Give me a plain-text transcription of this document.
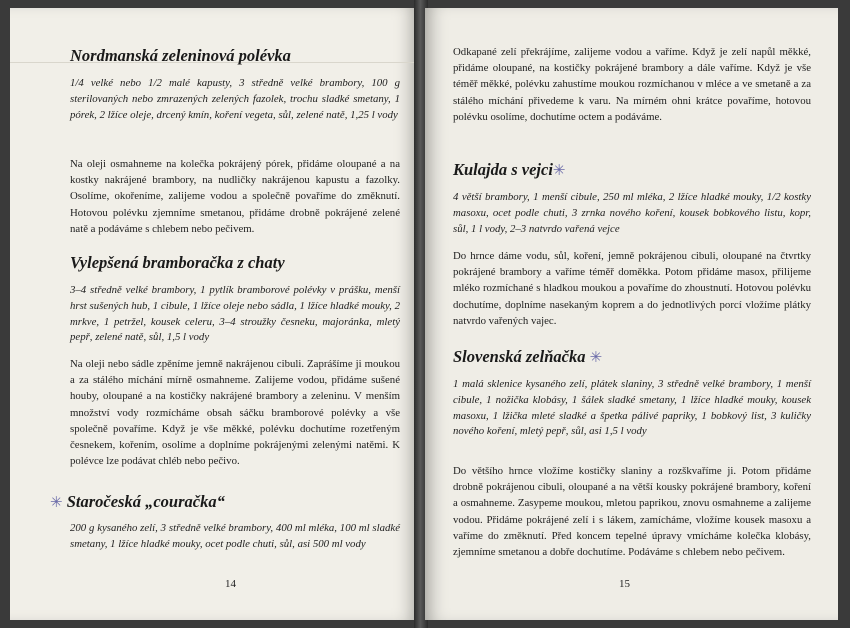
Nordmanská zeleninová polévka
1/4 velké nebo 1/2 malé kapusty, 3 středně velké brambory, 100 g sterilovaných nebo zmrazených zelených fazolek, trochu sladké smetany, 1 pórek, 2 lžíce oleje, drcený kmín, koření vegeta, sůl, zelené natě, 1,25 l vody
Na oleji osmahneme na kolečka pokrájený pórek, přidáme oloupané a na kostky nakrájené brambory, na nudličky nakrájenou kapustu a fazolky. Osolíme, okořeníme, zalijeme vodou a společně povaříme do změknutí. Hotovou polévku zjemníme smetanou, přidáme drobně pokrájené zelené natě a podáváme s chlebem nebo pečivem.
Vylepšená bramboračka z chaty
3–4 středně velké brambory, 1 pytlík bramborové polévky v prášku, menší hrst sušených hub, 1 cibule, 1 lžíce oleje nebo sádla, 1 lžíce hladké mouky, 2 mrkve, 1 petržel, kousek celeru, 3–4 stroužky česneku, majoránka, mletý pepř, zelené natě, sůl, 1,5 l vody
Na oleji nebo sádle zpěníme jemně nakrájenou cibuli. Zaprášíme ji moukou a za stálého míchání mírně osmahneme. Zalijeme vodou, přidáme sušené houby, oloupané a na kostičky nakrájené brambory a zeleninu. V menším množství vody rozmícháme obsah sáčku bramborové polévky a vše společně povaříme. Když je vše měkké, polévku dochutíme rozetřeným česnekem, kořením, osolíme a doplníme pokrájenými zelenými natěmi. K polévce lze podávat chléb nebo pečivo.
✳ Staročeská „couračka“
200 g kysaného zelí, 3 středně velké brambory, 400 ml mléka, 100 ml sladké smetany, 1 lžíce hladké mouky, ocet podle chuti, sůl, asi 500 ml vody
14
Odkapané zelí překrájíme, zalijeme vodou a vaříme. Když je zelí napůl měkké, přidáme oloupané, na kostičky pokrájené brambory a dále vaříme. Když je vše téměř měkké, polévku zahustíme moukou rozmíchanou v mléce a ve smetaně a za stálého míchání přivedeme k varu. Na mírném ohni krátce povaříme, hotovou polévku osolíme, dochutíme octem a podáváme.
Kulajda s vejci✳
4 větší brambory, 1 menší cibule, 250 ml mléka, 2 lžíce hladké mouky, 1/2 kostky masoxu, ocet podle chuti, 3 zrnka nového koření, kousek bobkového listu, kopr, sůl, 1 l vody, 2–3 natvrdo vařená vejce
Do hrnce dáme vodu, sůl, koření, jemně pokrájenou cibuli, oloupané na čtvrtky pokrájené brambory a vaříme téměř doměkka. Potom přidáme masox, přilijeme mléko rozmíchané s hladkou moukou a povaříme do zhoustnutí. Hotovou polévku dochutíme, doplníme nasekaným koprem a do jednotlivých porcí vložíme plátky natvrdo vařených vajec.
Slovenská zelňačka ✳
1 malá sklenice kysaného zelí, plátek slaniny, 3 středně velké brambory, 1 menší cibule, 1 nožička klobásy, 1 šálek sladké smetany, 1 lžíce hladké mouky, kousek masoxu, 1 lžička mleté sladké a špetka pálivé papriky, 1 bobkový list, 3 kuličky nového koření, mletý pepř, sůl, asi 1,5 l vody
Do většího hrnce vložíme kostičky slaniny a rozškvaříme ji. Potom přidáme drobně pokrájenou cibuli, oloupané a na větší kousky pokrájené brambory, koření a osmahneme. Zasypeme moukou, mletou paprikou, znovu osmahneme a zalijeme vodou. Přidáme pokrájené zelí i s lákem, zamícháme, vložíme kousek masoxu a vaříme do změknutí. Před koncem tepelné úpravy vmícháme kolečka klobásy, zjemníme smetanou a dobře dochutíme. Podáváme s chlebem nebo pečivem.
15
